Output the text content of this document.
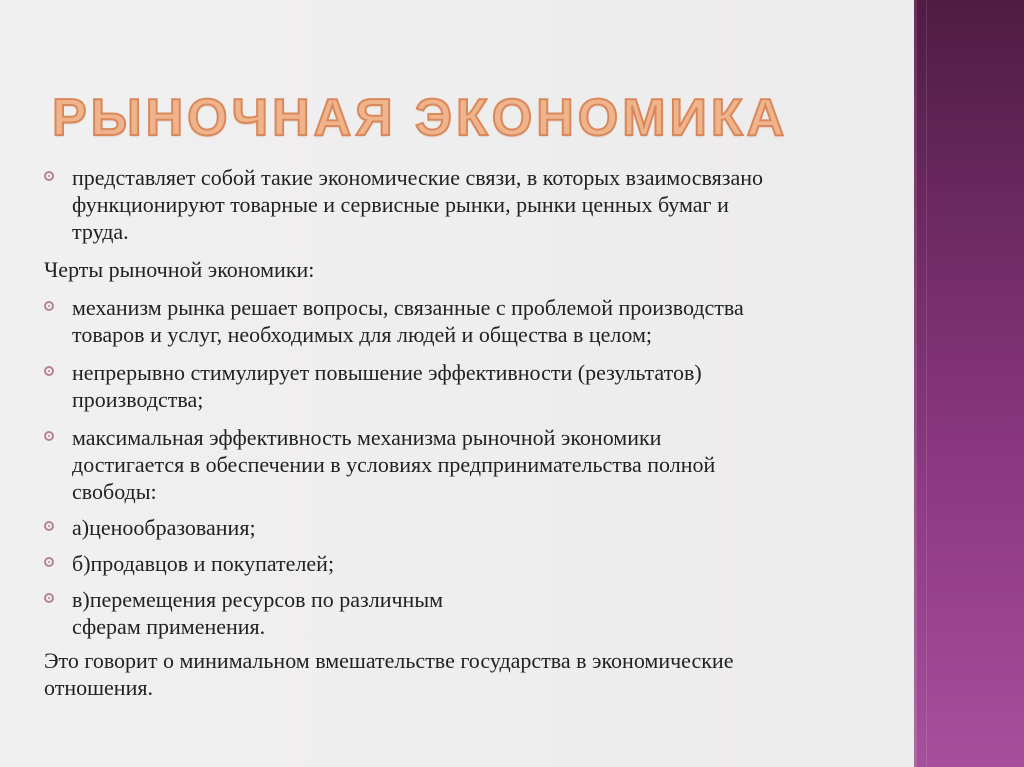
РЫНОЧНАЯ ЭКОНОМИКА
представляет собой такие экономические связи, в которых взаимосвязано
функционируют товарные и сервисные рынки, рынки ценных бумаг и
труда.
Черты рыночной экономики:
механизм рынка решает вопросы, связанные с проблемой производства
товаров и услуг, необходимых для людей и общества в целом;
непрерывно стимулирует повышение эффективности (результатов)
производства;
максимальная эффективность механизма рыночной экономики
достигается в обеспечении в условиях предпринимательства полной
свободы:
а)ценообразования;
б)продавцов и покупателей;
в)перемещения ресурсов по различным
сферам применения.
Это говорит о минимальном вмешательстве государства в экономические
отношения.
